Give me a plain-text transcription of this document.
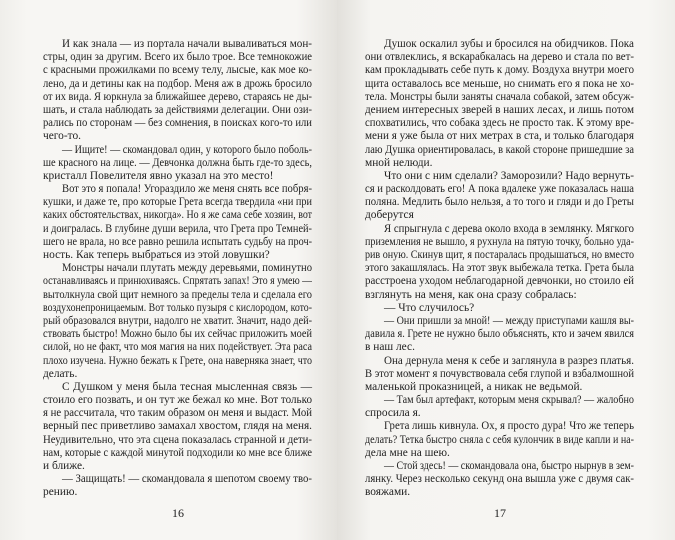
И как знала — из портала начали вываливаться мон-
стры, один за другим. Всего их было трое. Все темнокожие
с красными прожилками по всему телу, лысые, как мое ко-
лено, да и детины как на подбор. Меня аж в дрожь бросило
от их вида. Я юркнула за ближайшее дерево, стараясь не ды-
шать, и стала наблюдать за действиями делегации. Они ози-
рались по сторонам — без сомнения, в поисках кого-то или
чего-то.
— Ищите! — скомандовал один, у которого было поболь-
ше красного на лице. — Девчонка должна быть где-то здесь,
кристалл Повелителя явно указал на это место!
Вот это я попала! Угораздило же меня снять все побря-
кушки, и даже те, про которые Грета всегда твердила «ни при
каких обстоятельствах, никогда». Но я же сама себе хозяин, вот
и доигралась. В глубине души верила, что Грета про Темней-
шего не врала, но все равно решила испытать судьбу на проч-
ность. Как теперь выбраться из этой ловушки?
Монстры начали плутать между деревьями, поминутно
останавливаясь и принюхиваясь. Спрятать запах! Это я умею —
вытолкнула свой щит немного за пределы тела и сделала его
воздухонепроницаемым. Вот только пузыря с кислородом, кото-
рый образовался внутри, надолго не хватит. Значит, надо дей-
ствовать быстро! Можно было бы их сейчас приложить моей
силой, но не факт, что моя магия на них подействует. Эта раса
плохо изучена. Нужно бежать к Грете, она наверняка знает, что
делать.
С Душком у меня была тесная мысленная связь —
стоило его позвать, и он тут же бежал ко мне. Вот только
я не рассчитала, что таким образом он меня и выдаст. Мой
верный пес приветливо замахал хвостом, глядя на меня.
Неудивительно, что эта сцена показалась странной и дети-
нам, которые с каждой минутой подходили ко мне все ближе
и ближе.
— Защищать! — скомандовала я шепотом своему тво-
рению.
16
Душок оскалил зубы и бросился на обидчиков. Пока
они отвлеклись, я вскарабкалась на дерево и стала по вет-
кам прокладывать себе путь к дому. Воздуха внутри моего
щита оставалось все меньше, но снимать его я пока не хо-
тела. Монстры были заняты сначала собакой, затем обсуж-
дением интересных зверей в наших лесах, и лишь потом
спохватились, что собака здесь не просто так. К этому вре-
мени я уже была от них метрах в ста, и только благодаря
лаю Душка ориентировалась, в какой стороне пришедшие за
мной нелюди.
Что они с ним сделали? Заморозили? Надо вернуть-
ся и расколдовать его! А пока вдалеке уже показалась наша
поляна. Медлить было нельзя, а то того и гляди и до Греты
доберутся
Я спрыгнула с дерева около входа в землянку. Мягкого
приземления не вышло, я рухнула на пятую точку, больно уда-
рив оную. Скинув щит, я постаралась продышаться, но вместо
этого закашлялась. На этот звук выбежала тетка. Грета была
расстроена уходом неблагодарной девчонки, но стоило ей
взглянуть на меня, как она сразу собралась:
— Что случилось?
— Они пришли за мной! — между приступами кашля вы-
давила я. Грете не нужно было объяснять, кто и зачем явился
в наш лес.
Она дернула меня к себе и заглянула в разрез платья.
В этот момент я почувствовала себя глупой и взбалмошной
маленькой проказницей, а никак не ведьмой.
— Там был артефакт, которым меня скрывал? — жалобно
спросила я.
Грета лишь кивнула. Ох, я просто дура! Что же теперь
делать? Тетка быстро сняла с себя кулончик в виде капли и на-
дела мне на шею.
— Стой здесь! — скомандовала она, быстро нырнув в зем-
лянку. Через несколько секунд она вышла уже с двумя сак-
вояжами.
17
